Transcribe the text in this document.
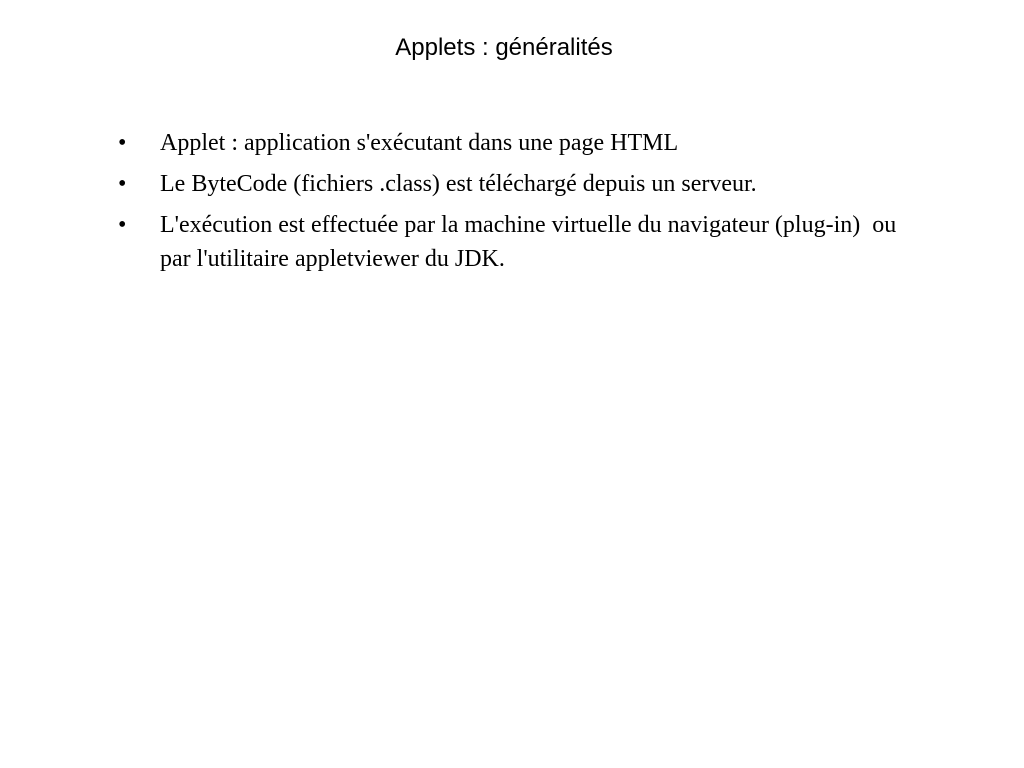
Applets : généralités
•	Applet : application s'exécutant dans une page HTML
•	Le ByteCode (fichiers .class) est téléchargé depuis un serveur.
•	L'exécution est effectuée par la machine virtuelle du navigateur (plug-in)  ou par l'utilitaire appletviewer du JDK.
